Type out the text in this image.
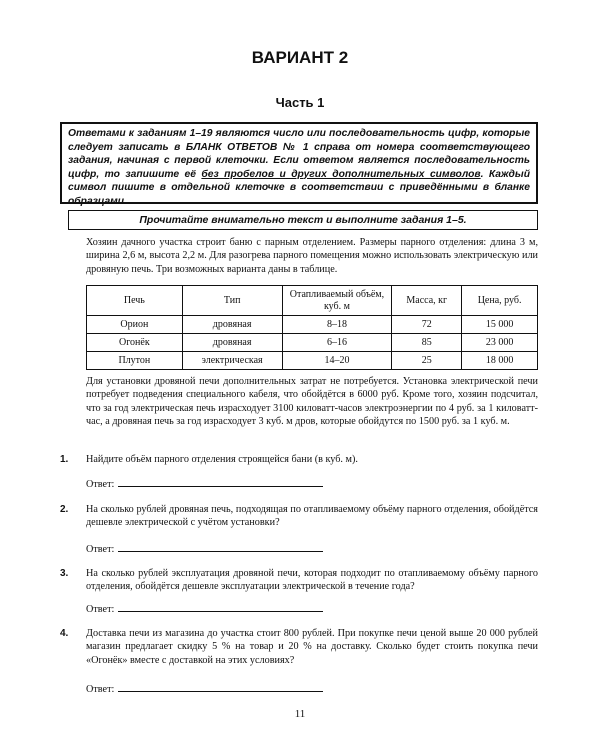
ВАРИАНТ 2
Часть 1
Ответами к заданиям 1–19 являются число или последовательность цифр, которые следует записать в БЛАНК ОТВЕТОВ № 1 справа от номера соответствующего задания, начиная с первой клеточки. Если ответом является последовательность цифр, то запишите её без пробелов и других дополнительных символов. Каждый символ пишите в отдельной клеточке в соответствии с приведёнными в бланке образцами.
Прочитайте внимательно текст и выполните задания 1–5.
Хозяин дачного участка строит баню с парным отделением. Размеры парного отделения: длина 3 м, ширина 2,6 м, высота 2,2 м. Для разогрева парного помещения можно использовать электрическую или дровяную печь. Три возможных варианта даны в таблице.
Печь	Тип	Отапливаемый объём, куб. м	Масса, кг	Цена, руб.
Орион	дровяная	8–18	72	15 000
Огонёк	дровяная	6–16	85	23 000
Плутон	электрическая	14–20	25	18 000
Для установки дровяной печи дополнительных затрат не потребуется. Установка электрической печи потребует подведения специального кабеля, что обойдётся в 6000 руб. Кроме того, хозяин подсчитал, что за год электрическая печь израсходует 3100 киловатт-часов электроэнергии по 4 руб. за 1 киловатт-час, а дровяная печь за год израсходует 3 куб. м дров, которые обойдутся по 1500 руб. за 1 куб. м.
1. Найдите объём парного отделения строящейся бани (в куб. м).
Ответ:
2. На сколько рублей дровяная печь, подходящая по отапливаемому объёму парного отделения, обойдётся дешевле электрической с учётом установки?
Ответ:
3. На сколько рублей эксплуатация дровяной печи, которая подходит по отапливаемому объёму парного отделения, обойдётся дешевле эксплуатации электрической в течение года?
Ответ:
4. Доставка печи из магазина до участка стоит 800 рублей. При покупке печи ценой выше 20 000 рублей магазин предлагает скидку 5 % на товар и 20 % на доставку. Сколько будет стоить покупка печи «Огонёк» вместе с доставкой на этих условиях?
Ответ:
11
